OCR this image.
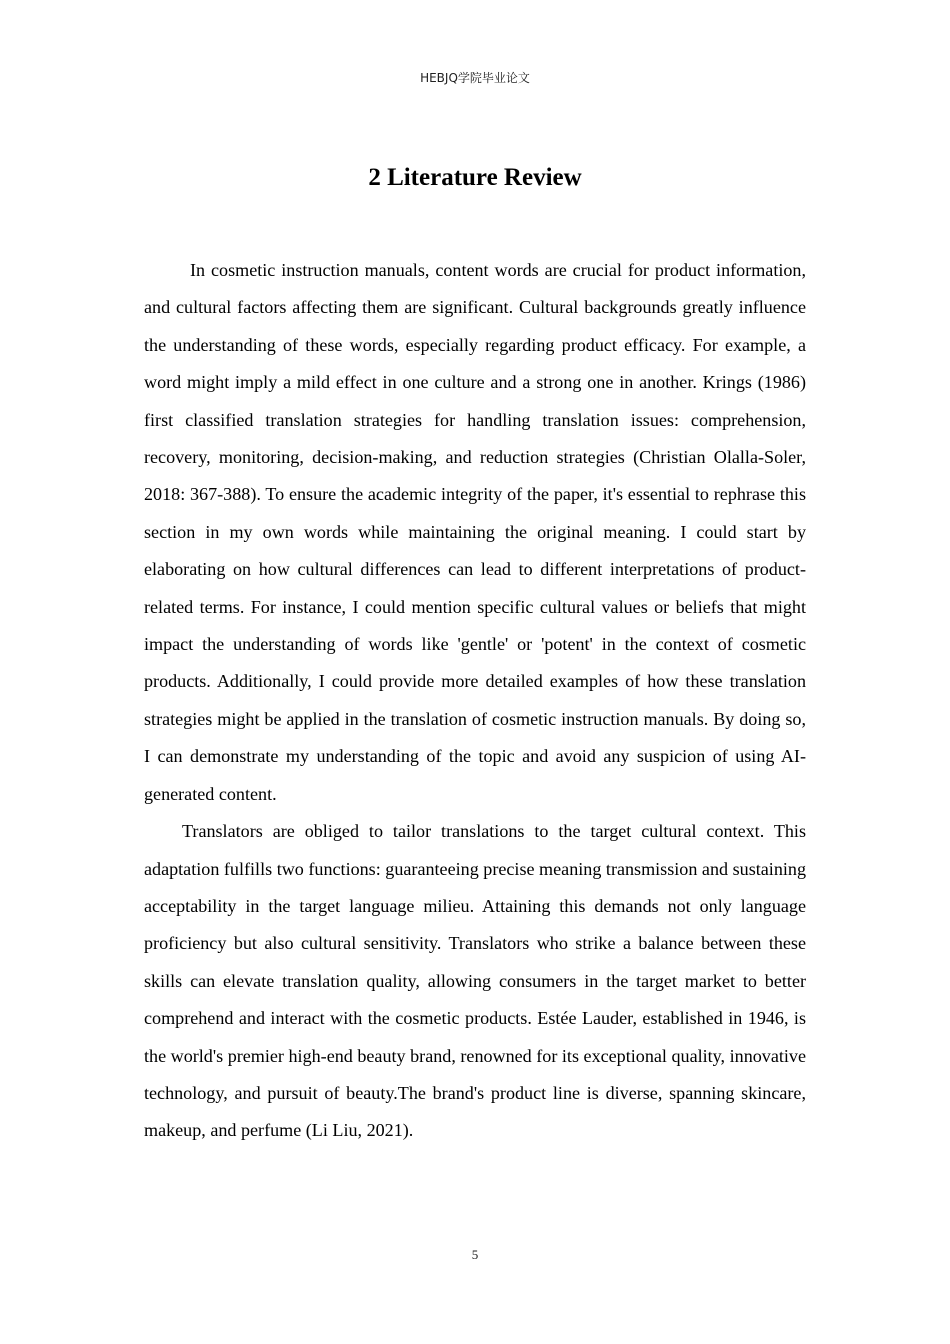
HEBJQ学院毕业论文
2 Literature Review

In cosmetic instruction manuals, content words are crucial for product information, and cultural factors affecting them are significant. Cultural backgrounds greatly influence the understanding of these words, especially regarding product efficacy. For example, a word might imply a mild effect in one culture and a strong one in another. Krings (1986) first classified translation strategies for handling translation issues: comprehension, recovery, monitoring, decision-making, and reduction strategies (Christian Olalla-Soler, 2018: 367-388). To ensure the academic integrity of the paper, it's essential to rephrase this section in my own words while maintaining the original meaning. I could start by elaborating on how cultural differences can lead to different interpretations of product-related terms. For instance, I could mention specific cultural values or beliefs that might impact the understanding of words like 'gentle' or 'potent' in the context of cosmetic products. Additionally, I could provide more detailed examples of how these translation strategies might be applied in the translation of cosmetic instruction manuals. By doing so, I can demonstrate my understanding of the topic and avoid any suspicion of using AI-generated content.

Translators are obliged to tailor translations to the target cultural context. This adaptation fulfills two functions: guaranteeing precise meaning transmission and sustaining acceptability in the target language milieu. Attaining this demands not only language proficiency but also cultural sensitivity. Translators who strike a balance between these skills can elevate translation quality, allowing consumers in the target market to better comprehend and interact with the cosmetic products. Estée Lauder, established in 1946, is the world's premier high-end beauty brand, renowned for its exceptional quality, innovative technology, and pursuit of beauty.The brand's product line is diverse, spanning skincare, makeup, and perfume (Li Liu, 2021).

5
